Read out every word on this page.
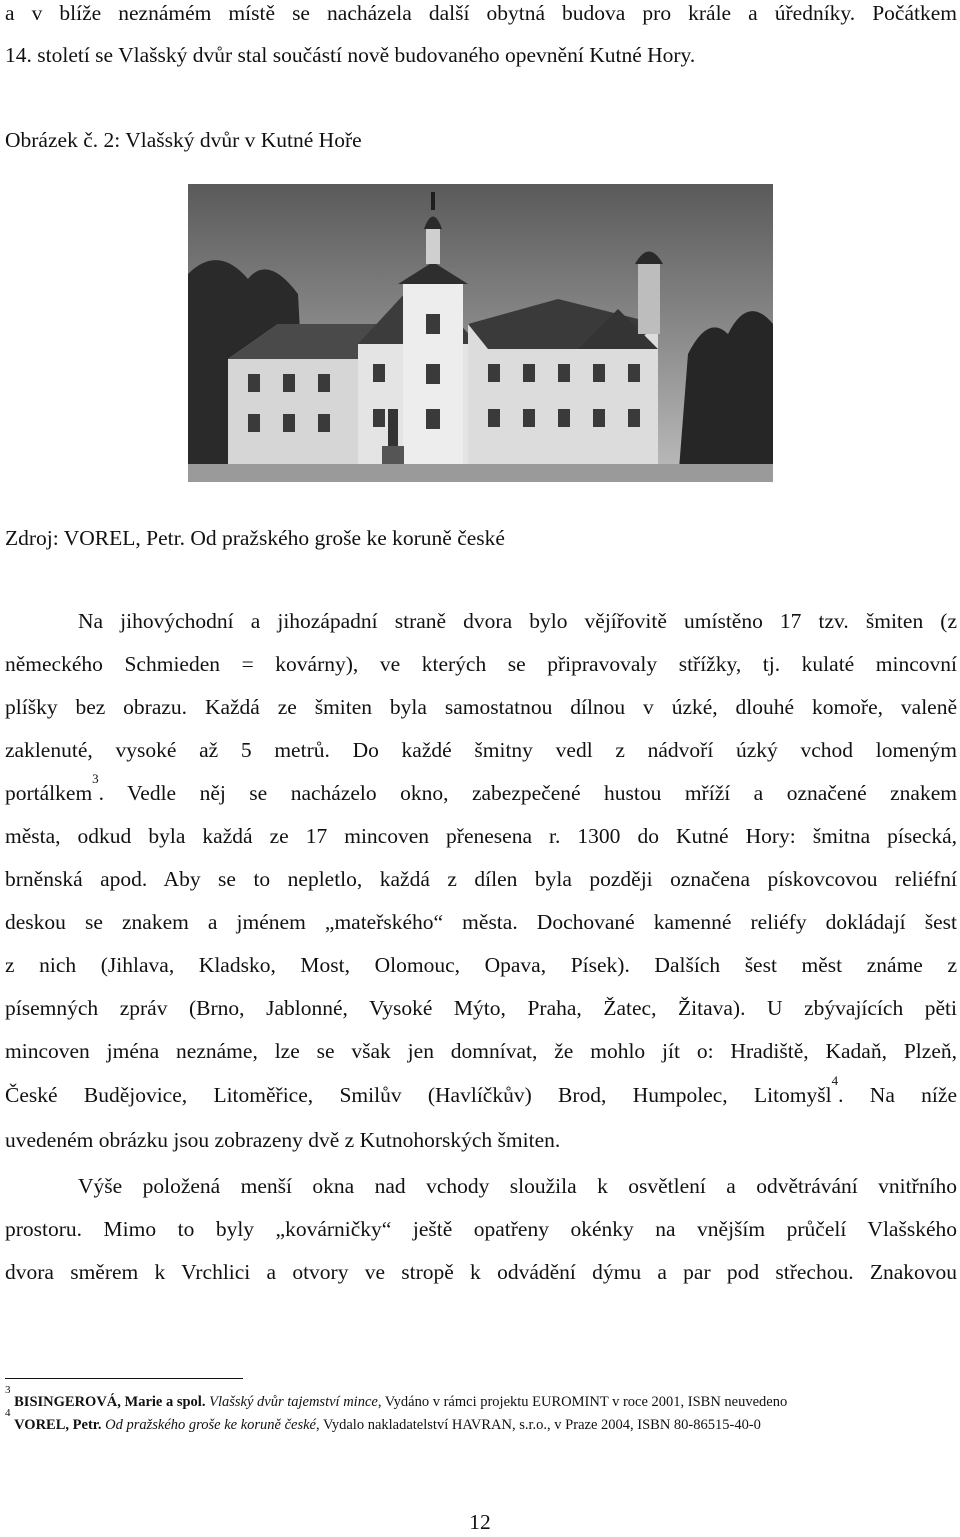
a v blíže neznámém místě se nacházela další obytná budova pro krále a úředníky. Počátkem
14. století se Vlašský dvůr stal součástí nově budovaného opevnění Kutné Hory.
Obrázek č. 2: Vlašský dvůr v Kutné Hoře
Zdroj: VOREL, Petr. Od pražského groše ke koruně české
Na jihovýchodní a jihozápadní straně dvora bylo vějířovitě umístěno 17 tzv. šmiten (z
německého Schmieden = kovárny), ve kterých se připravovaly střížky, tj. kulaté mincovní
plíšky bez obrazu. Každá ze šmiten byla samostatnou dílnou v úzké, dlouhé komoře, valeně
zaklenuté, vysoké až 5 metrů. Do každé šmitny vedl z nádvoří úzký vchod lomeným
portálkem$^3$. Vedle něj se nacházelo okno, zabezpečené hustou mříží a označené znakem
města, odkud byla každá ze 17 mincoven přenesena r. 1300 do Kutné Hory: šmitna písecká,
brněnská apod. Aby se to nepletlo, každá z dílen byla později označena pískovcovou reliéfní
deskou se znakem a jménem „mateřského“ města. Dochované kamenné reliéfy dokládají šest
z nich (Jihlava, Kladsko, Most, Olomouc, Opava, Písek). Dalších šest měst známe z
písemných zpráv (Brno, Jablonné, Vysoké Mýto, Praha, Žatec, Žitava). U zbývajících pěti
mincoven jména neznáme, lze se však jen domnívat, že mohlo jít o: Hradiště, Kadaň, Plzeň,
České Budějovice, Litoměřice, Smilův (Havlíčkův) Brod, Humpolec, Litomyšl$^4$. Na níže
uvedeném obrázku jsou zobrazeny dvě z Kutnohorských šmiten.
Výše položená menší okna nad vchody sloužila k osvětlení a odvětrávání vnitřního
prostoru. Mimo to byly „kovárničky“ ještě opatřeny okénky na vnějším průčelí Vlašského
dvora směrem k Vrchlici a otvory ve stropě k odvádění dýmu a par pod střechou. Znakovou
$^3$ BISINGEROVÁ, Marie a spol. Vlašský dvůr tajemství mince, Vydáno v rámci projektu EUROMINT v roce 2001, ISBN neuvedeno
$^4$ VOREL, Petr. Od pražského groše ke koruně české, Vydalo nakladatelství HAVRAN, s.r.o., v Praze 2004, ISBN 80-86515-40-0
12
